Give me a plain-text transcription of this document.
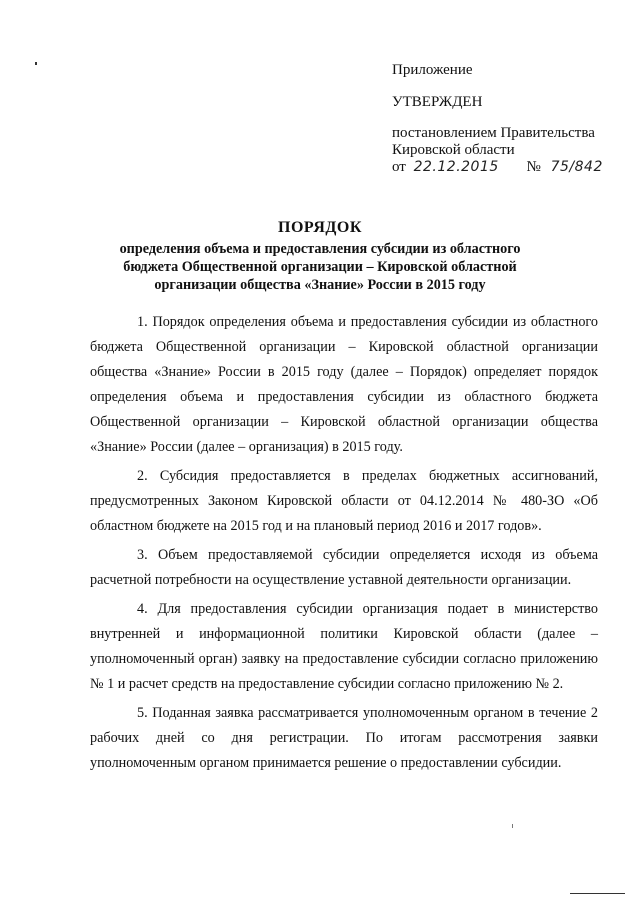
Приложение
УТВЕРЖДЕН
постановлением Правительства
Кировской области
от 22.12.2015 № 75/842
ПОРЯДОК
определения объема и предоставления субсидии из областного
бюджета Общественной организации – Кировской областной
организации общества «Знание» России в 2015 году

1. Порядок определения объема и предоставления субсидии из областного бюджета Общественной организации – Кировской областной организации общества «Знание» России в 2015 году (далее – Порядок) определяет порядок определения объема и предоставления субсидии из областного бюджета Общественной организации – Кировской областной организации общества «Знание» России (далее – организация) в 2015 году.

2. Субсидия предоставляется в пределах бюджетных ассигнований, предусмотренных Законом Кировской области от 04.12.2014 № 480-ЗО «Об областном бюджете на 2015 год и на плановый период 2016 и 2017 годов».

3. Объем предоставляемой субсидии определяется исходя из объема расчетной потребности на осуществление уставной деятельности организации.

4. Для предоставления субсидии организация подает в министерство внутренней и информационной политики Кировской области (далее – уполномоченный орган) заявку на предоставление субсидии согласно приложению № 1 и расчет средств на предоставление субсидии согласно приложению № 2.

5. Поданная заявка рассматривается уполномоченным органом в течение 2 рабочих дней со дня регистрации. По итогам рассмотрения заявки уполномоченным органом принимается решение о предоставлении субсидии.
